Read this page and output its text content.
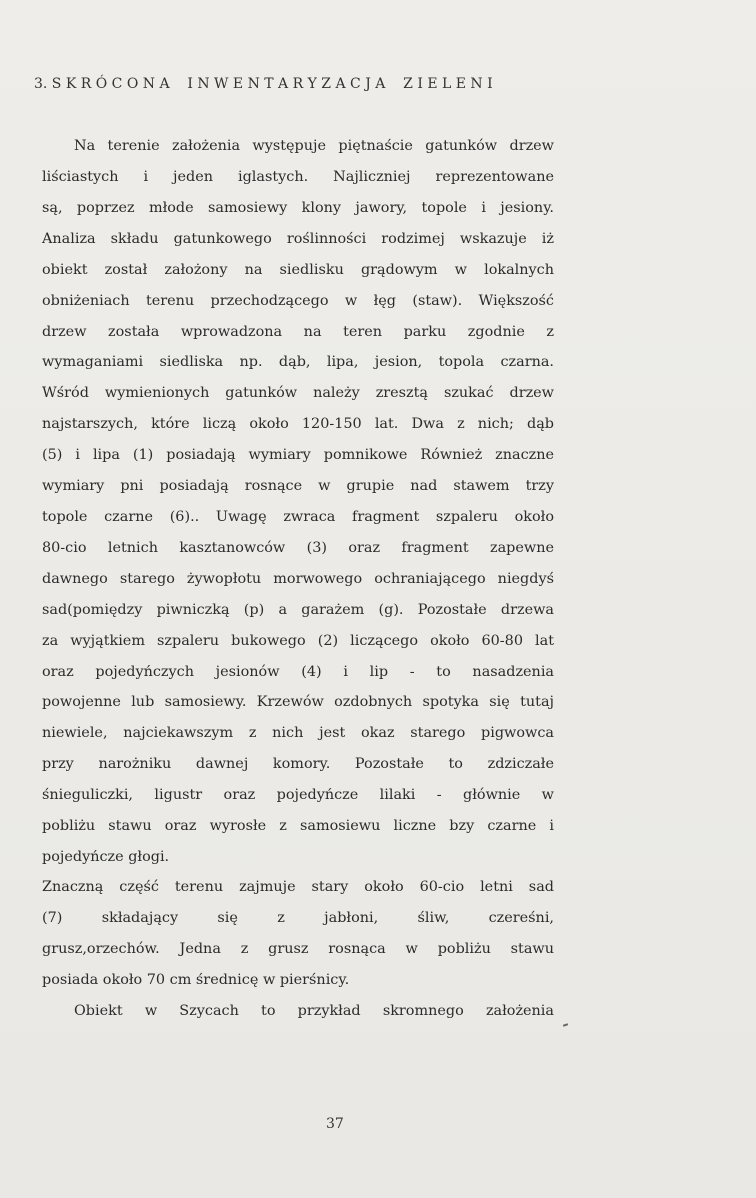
3. S K R Ó C O N A    I N W E N T A R Y Z A C J A    Z I E L E N I
Na terenie założenia występuje piętnaście gatunków drzew
liściastych i jeden iglastych. Najliczniej reprezentowane
są, poprzez młode samosiewy klony jawory, topole i jesiony.
Analiza składu gatunkowego roślinności rodzimej wskazuje iż
obiekt został założony na siedlisku grądowym w lokalnych
obniżeniach terenu przechodzącego w łęg (staw). Większość
drzew została wprowadzona na teren parku zgodnie z
wymaganiami siedliska np. dąb, lipa, jesion, topola czarna.
Wśród wymienionych gatunków należy zresztą szukać drzew
najstarszych, które liczą około 120-150 lat. Dwa z nich; dąb
(5) i lipa (1) posiadają wymiary pomnikowe Również znaczne
wymiary pni posiadają rosnące w grupie nad stawem trzy
topole czarne (6).. Uwagę zwraca fragment szpaleru około
80-cio letnich kasztanowców (3) oraz fragment zapewne
dawnego starego żywopłotu morwowego ochraniającego niegdyś
sad(pomiędzy piwniczką (p) a garażem (g). Pozostałe drzewa
za wyjątkiem szpaleru bukowego (2) liczącego około 60-80 lat
oraz pojedyńczych jesionów (4) i lip - to nasadzenia
powojenne lub samosiewy. Krzewów ozdobnych spotyka się tutaj
niewiele, najciekawszym z nich jest okaz starego pigwowca
przy narożniku dawnej komory. Pozostałe to zdziczałe
śnieguliczki, ligustr oraz pojedyńcze lilaki - głównie w
pobliżu stawu oraz wyrosłe z samosiewu liczne bzy czarne i
pojedyńcze głogi.
Znaczną część terenu zajmuje stary około 60-cio letni sad
(7) składający się z jabłoni, śliw, czereśni,
grusz,orzechów. Jedna z grusz rosnąca w pobliżu stawu
posiada około 70 cm średnicę w pierśnicy.
Obiekt w Szycach to przykład skromnego założenia
37
